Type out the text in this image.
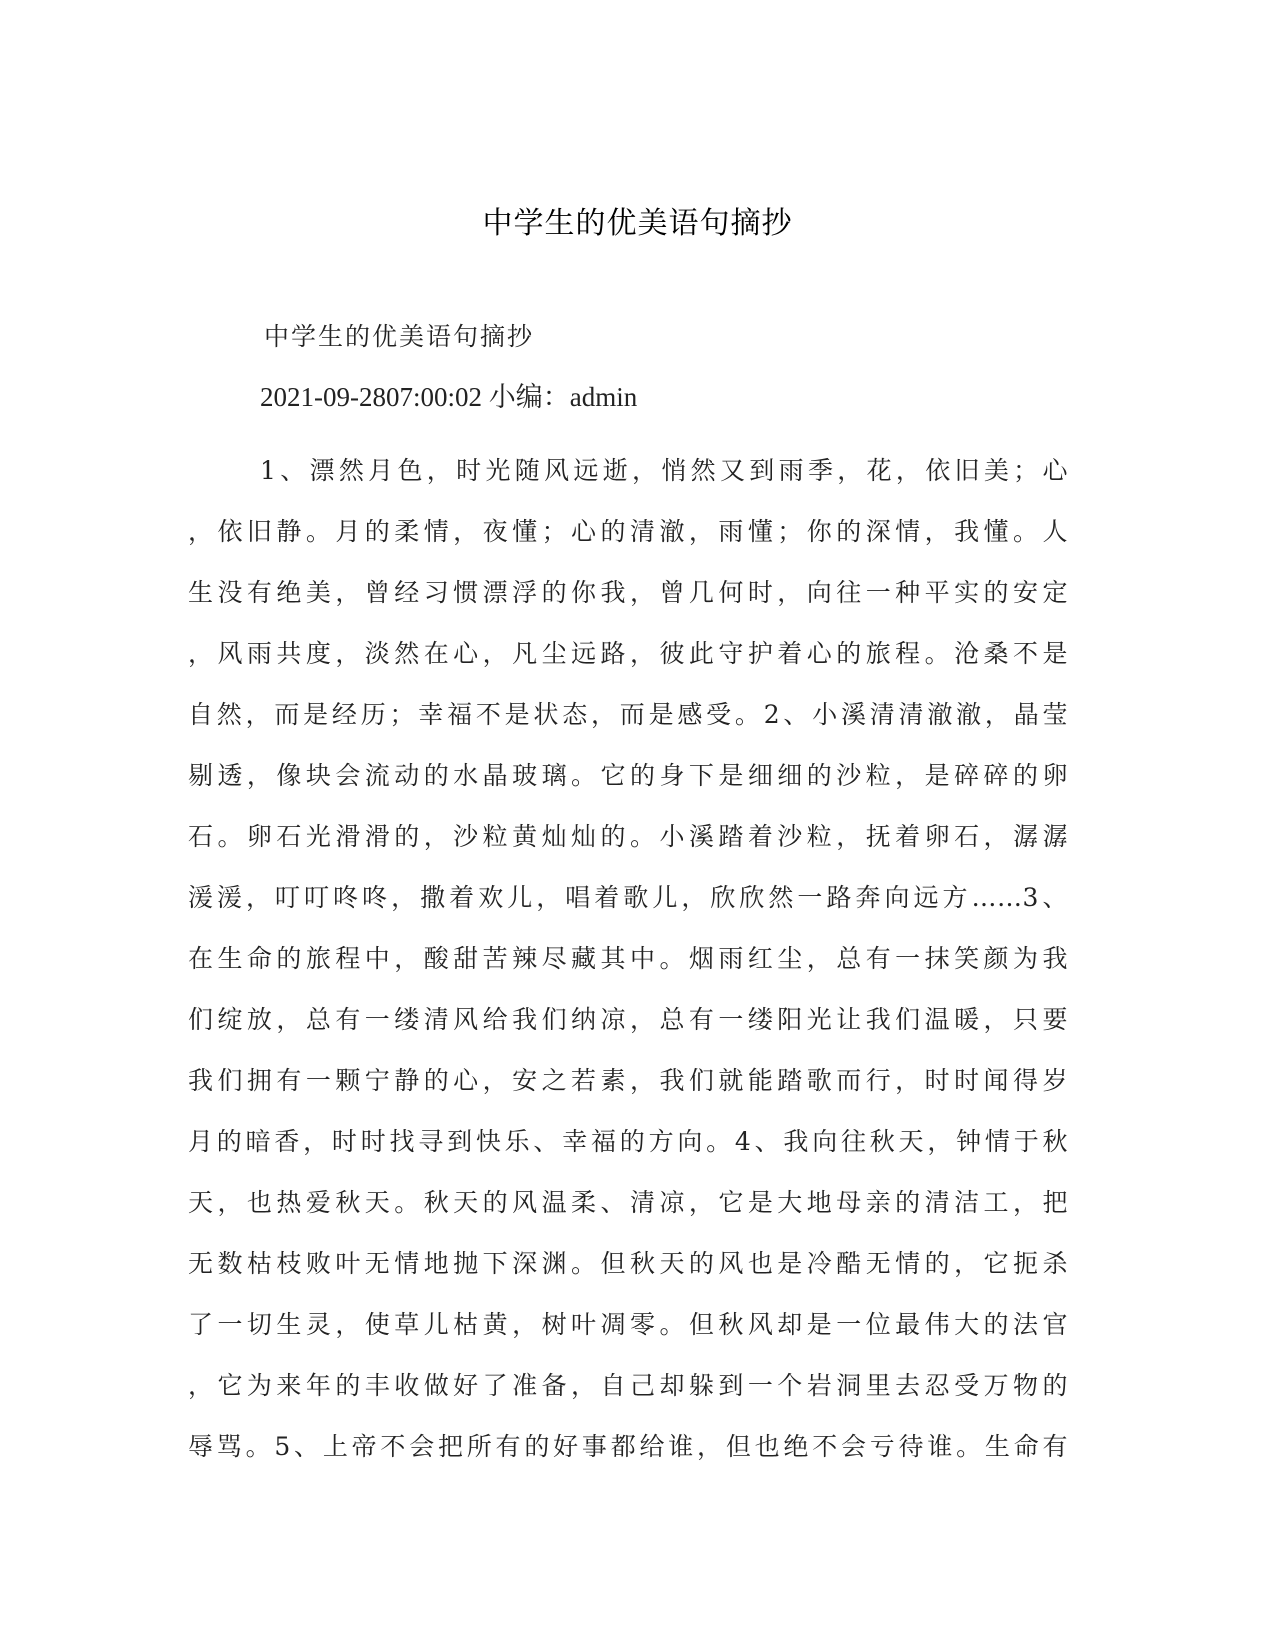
中学生的优美语句摘抄
中学生的优美语句摘抄
2021-09-2807:00:02 小编：admin
1、漂然月色，时光随风远逝，悄然又到雨季，花，依旧美；心
，依旧静。月的柔情，夜懂；心的清澈，雨懂；你的深情，我懂。人
生没有绝美，曾经习惯漂浮的你我，曾几何时，向往一种平实的安定
，风雨共度，淡然在心，凡尘远路，彼此守护着心的旅程。沧桑不是
自然，而是经历；幸福不是状态，而是感受。2、小溪清清澈澈，晶莹
剔透，像块会流动的水晶玻璃。它的身下是细细的沙粒，是碎碎的卵
石。卵石光滑滑的，沙粒黄灿灿的。小溪踏着沙粒，抚着卵石，潺潺
湲湲，叮叮咚咚，撒着欢儿，唱着歌儿，欣欣然一路奔向远方……3、
在生命的旅程中，酸甜苦辣尽藏其中。烟雨红尘，总有一抹笑颜为我
们绽放，总有一缕清风给我们纳凉，总有一缕阳光让我们温暖，只要
我们拥有一颗宁静的心，安之若素，我们就能踏歌而行，时时闻得岁
月的暗香，时时找寻到快乐、幸福的方向。4、我向往秋天，钟情于秋
天，也热爱秋天。秋天的风温柔、清凉，它是大地母亲的清洁工，把
无数枯枝败叶无情地抛下深渊。但秋天的风也是冷酷无情的，它扼杀
了一切生灵，使草儿枯黄，树叶凋零。但秋风却是一位最伟大的法官
，它为来年的丰收做好了准备，自己却躲到一个岩洞里去忍受万物的
辱骂。5、上帝不会把所有的好事都给谁，但也绝不会亏待谁。生命有
